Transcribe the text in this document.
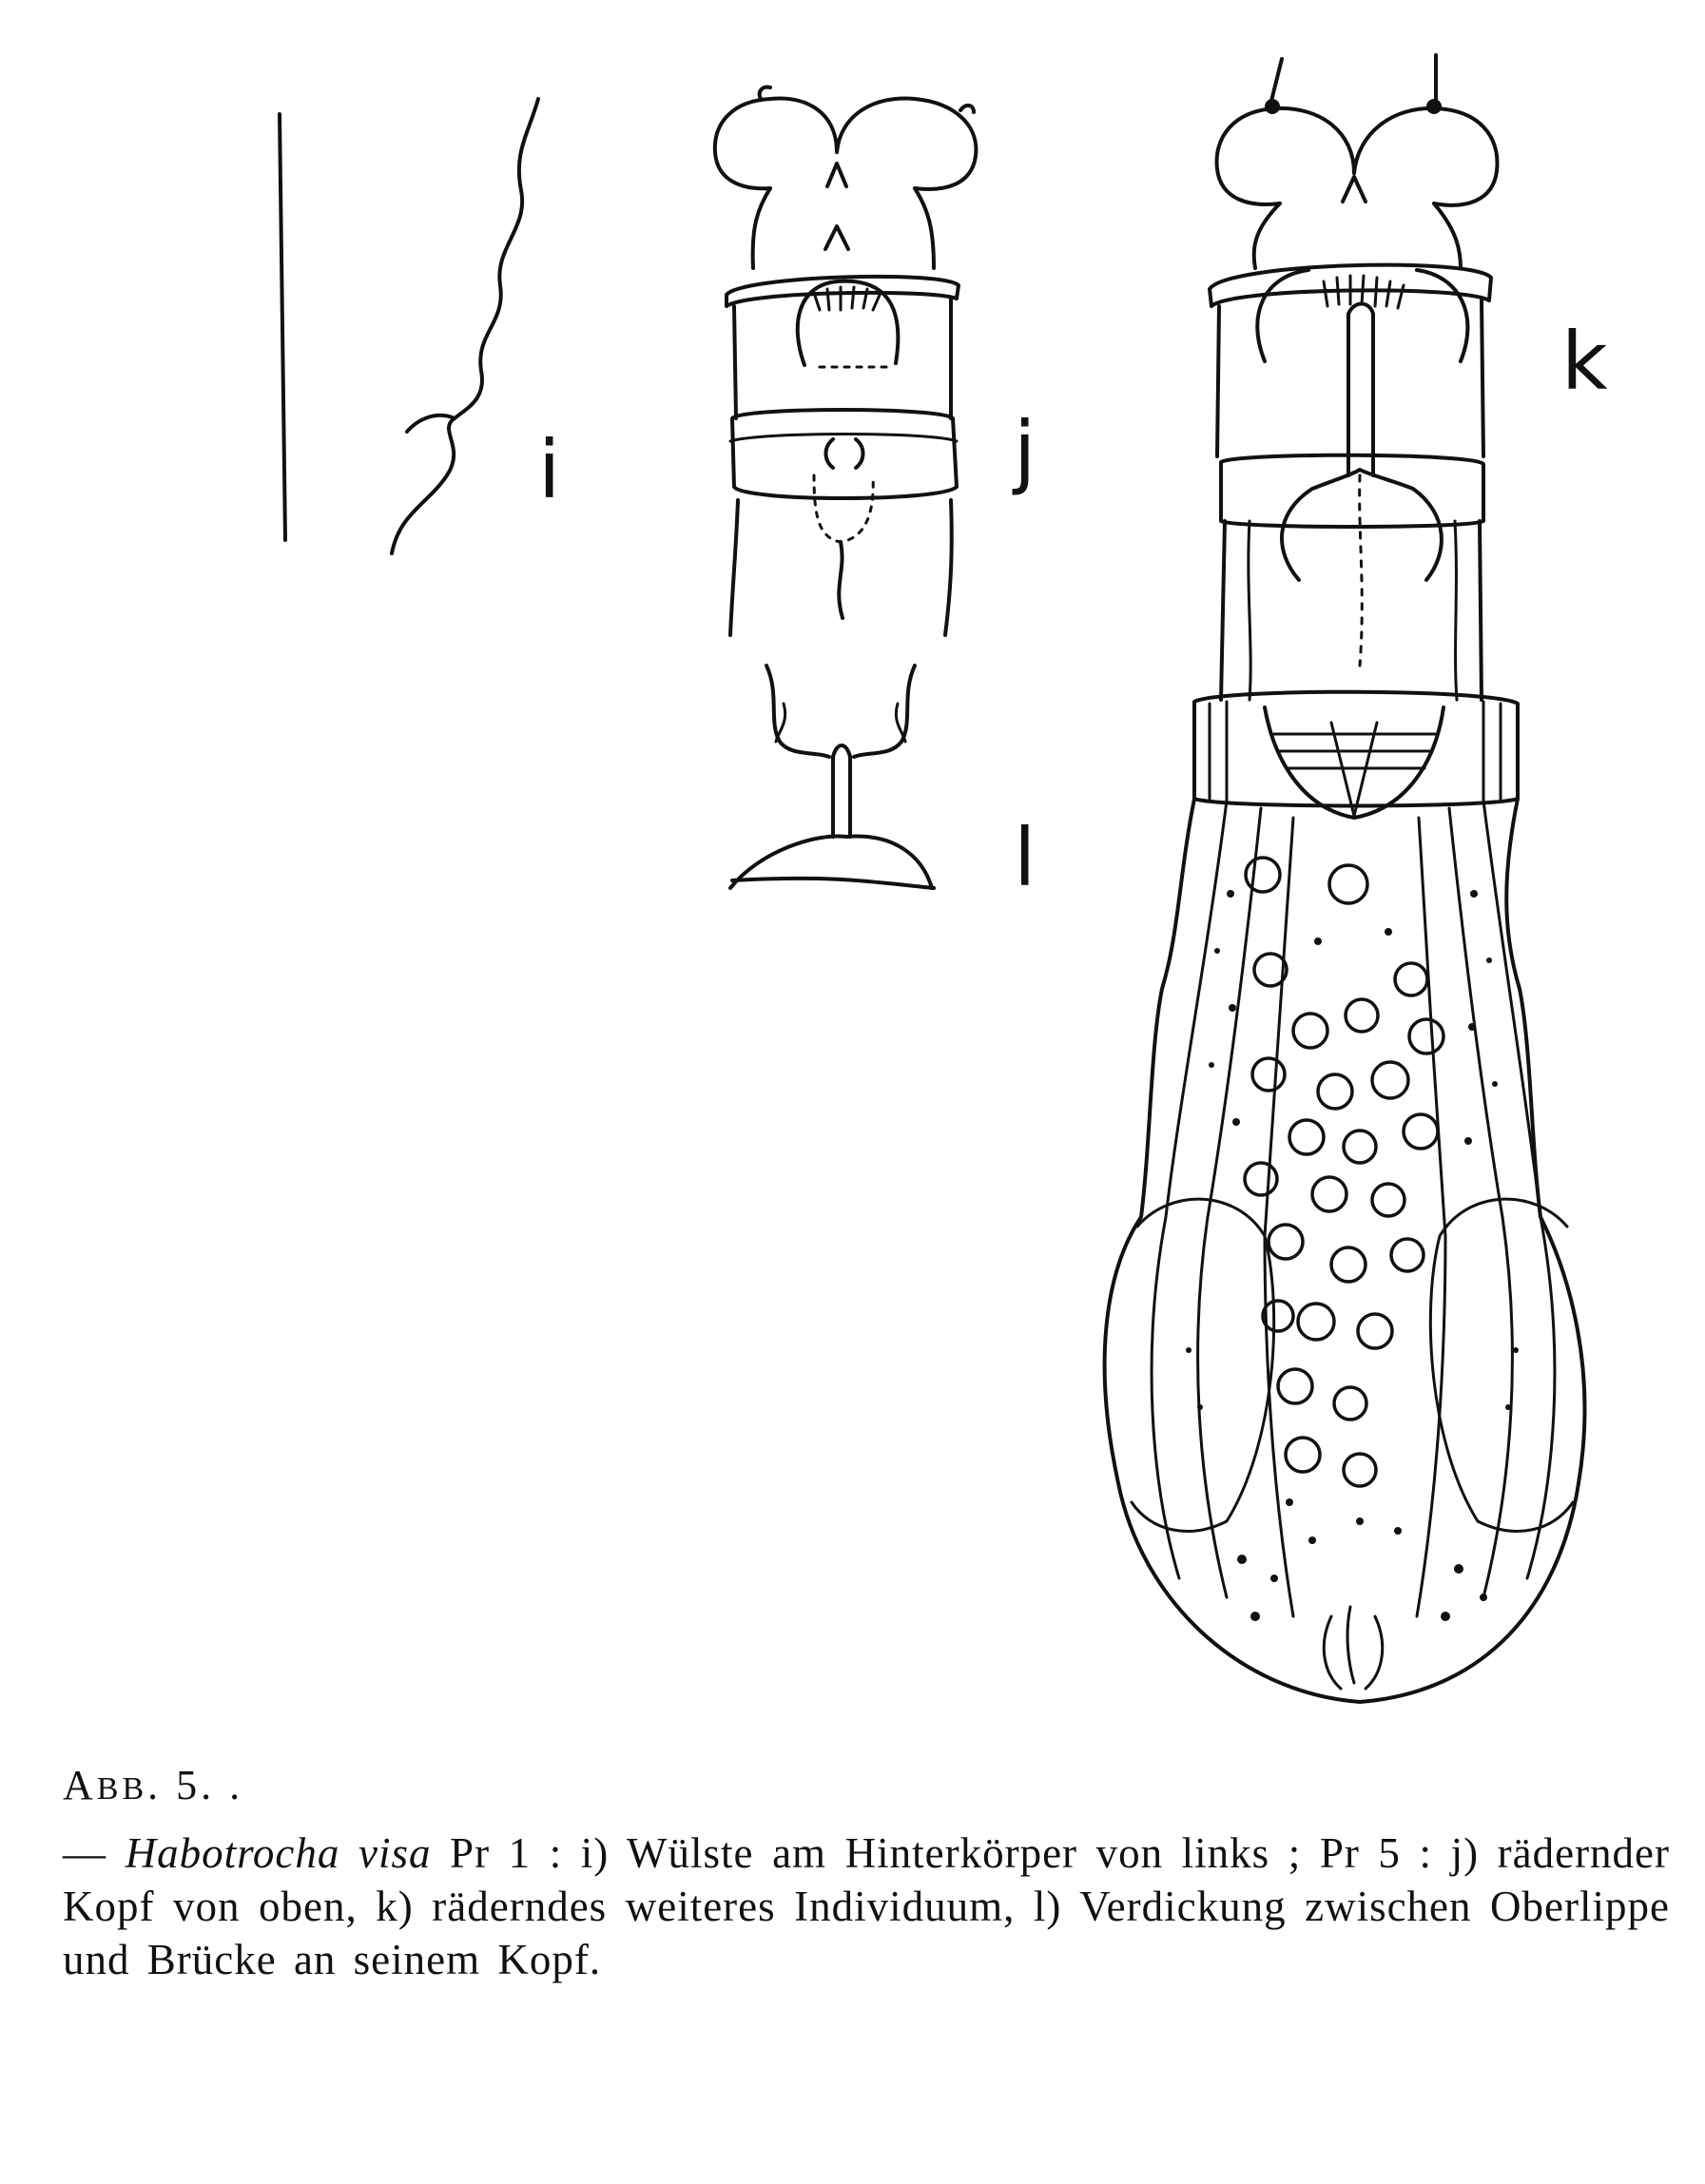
i	j
k
l
ABB. 5. .
— Habotrocha visa Pr 1 : i) Wülste am Hinterkörper von links ; Pr 5 : j) rädernder Kopf von oben, k) räderndes weiteres Individuum, l) Verdickung zwischen Oberlippe und Brücke an seinem Kopf.
